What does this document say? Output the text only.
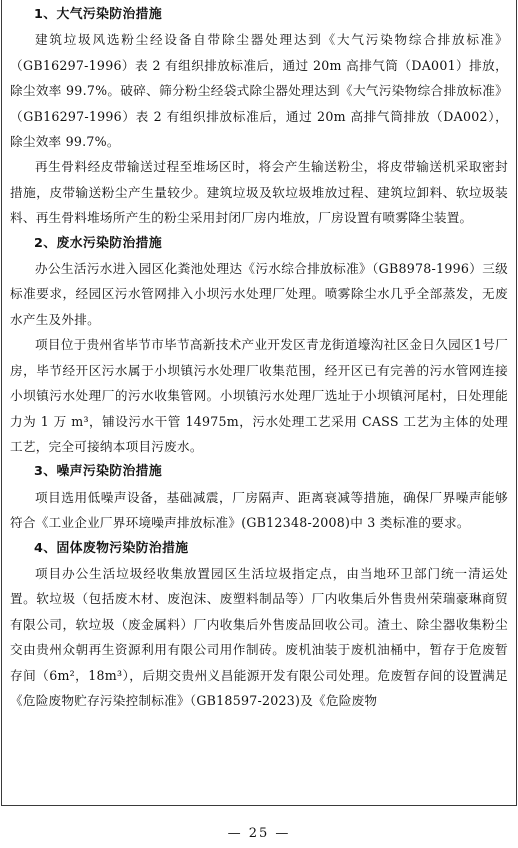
1、大气污染防治措施

建筑垃圾风选粉尘经设备自带除尘器处理达到《大气污染物综合排放标准》（GB16297-1996）表 2 有组织排放标准后，通过 20m 高排气筒（DA001）排放，除尘效率 99.7%。破碎、筛分粉尘经袋式除尘器处理达到《大气污染物综合排放标准》（GB16297-1996）表 2 有组织排放标准后，通过 20m 高排气筒排放（DA002），除尘效率 99.7%。

再生骨料经皮带输送过程至堆场区时，将会产生输送粉尘，将皮带输送机采取密封措施，皮带输送粉尘产生量较少。建筑垃圾及软垃圾堆放过程、建筑垃卸料、软垃圾装料、再生骨料堆场所产生的粉尘采用封闭厂房内堆放，厂房设置有喷雾降尘装置。

2、废水污染防治措施

办公生活污水进入园区化粪池处理达《污水综合排放标准》（GB8978-1996）三级标准要求，经园区污水管网排入小坝污水处理厂处理。喷雾除尘水几乎全部蒸发，无废水产生及外排。

项目位于贵州省毕节市毕节高新技术产业开发区青龙街道壕沟社区金日久园区1号厂房，毕节经开区污水属于小坝镇污水处理厂收集范围，经开区已有完善的污水管网连接小坝镇污水处理厂的污水收集管网。小坝镇污水处理厂选址于小坝镇河尾村，日处理能力为 1 万 m³，铺设污水干管 14975m，污水处理工艺采用 CASS 工艺为主体的处理工艺，完全可接纳本项目污废水。

3、噪声污染防治措施

项目选用低噪声设备，基础减震，厂房隔声、距离衰减等措施，确保厂界噪声能够符合《工业企业厂界环境噪声排放标准》(GB12348-2008)中 3 类标准的要求。

4、固体废物污染防治措施

项目办公生活垃圾经收集放置园区生活垃圾指定点，由当地环卫部门统一清运处置。软垃圾（包括废木材、废泡沫、废塑料制品等）厂内收集后外售贵州荣瑞豪琳商贸有限公司，软垃圾（废金属料）厂内收集后外售废品回收公司。渣土、除尘器收集粉尘交由贵州众朝再生资源利用有限公司用作制砖。废机油装于废机油桶中，暂存于危废暂存间（6m²，18m³），后期交贵州义昌能源开发有限公司处理。危废暂存间的设置满足《危险废物贮存污染控制标准》（GB18597-2023)及《危险废物

— 25 —
